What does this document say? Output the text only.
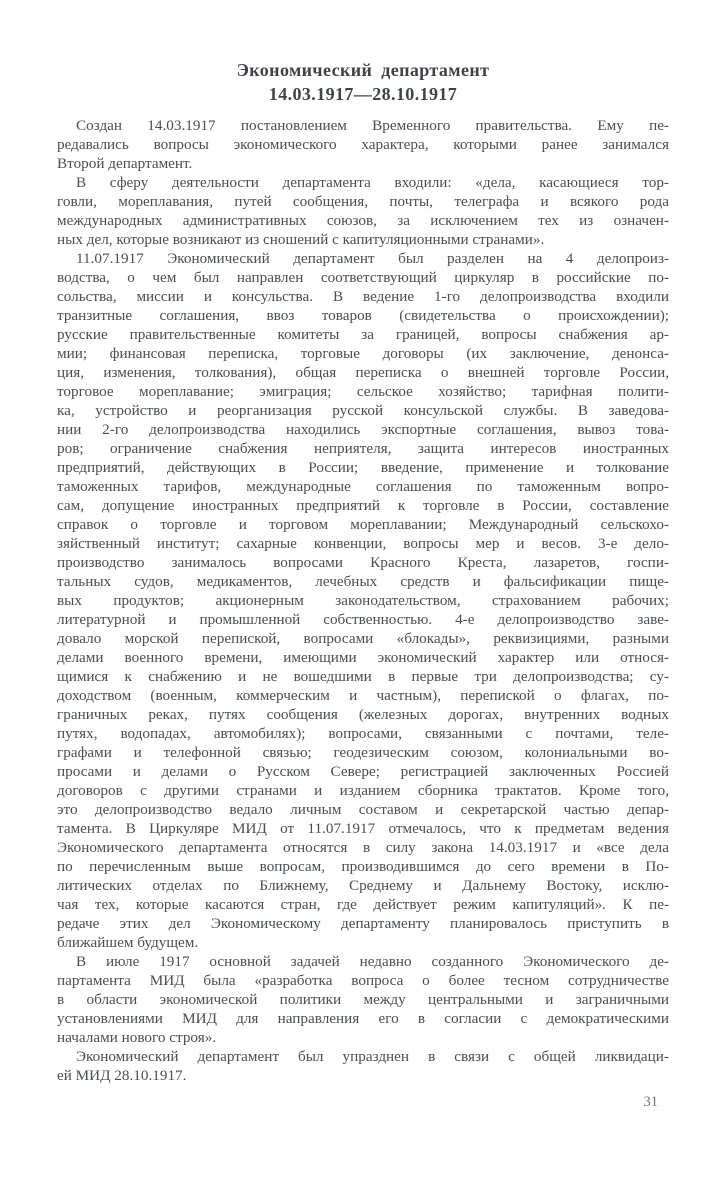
Экономический департамент
14.03.1917—28.10.1917
Создан 14.03.1917 постановлением Временного правительства. Ему пе-
редавались вопросы экономического характера, которыми ранее занимался
Второй департамент.
В сферу деятельности департамента входили: «дела, касающиеся тор-
говли, мореплавания, путей сообщения, почты, телеграфа и всякого рода
международных административных союзов, за исключением тех из означен-
ных дел, которые возникают из сношений с капитуляционными странами».
11.07.1917 Экономический департамент был разделен на 4 делопроиз-
водства, о чем был направлен соответствующий циркуляр в российские по-
сольства, миссии и консульства. В ведение 1-го делопроизводства входили
транзитные соглашения, ввоз товаров (свидетельства о происхождении);
русские правительственные комитеты за границей, вопросы снабжения ар-
мии; финансовая переписка, торговые договоры (их заключение, денонса-
ция, изменения, толкования), общая переписка о внешней торговле России,
торговое мореплавание; эмиграция; сельское хозяйство; тарифная полити-
ка, устройство и реорганизация русской консульской службы. В заведова-
нии 2-го делопроизводства находились экспортные соглашения, вывоз това-
ров; ограничение снабжения неприятеля, защита интересов иностранных
предприятий, действующих в России; введение, применение и толкование
таможенных тарифов, международные соглашения по таможенным вопро-
сам, допущение иностранных предприятий к торговле в России, составление
справок о торговле и торговом мореплавании; Международный сельскохо-
зяйственный институт; сахарные конвенции, вопросы мер и весов. 3-е дело-
производство занималось вопросами Красного Креста, лазаретов, госпи-
тальных судов, медикаментов, лечебных средств и фальсификации пище-
вых продуктов; акционерным законодательством, страхованием рабочих;
литературной и промышленной собственностью. 4-е делопроизводство заве-
довало морской перепиской, вопросами «блокады», реквизициями, разными
делами военного времени, имеющими экономический характер или относя-
щимися к снабжению и не вошедшими в первые три делопроизводства; су-
доходством (военным, коммерческим и частным), перепиской о флагах, по-
граничных реках, путях сообщения (железных дорогах, внутренних водных
путях, водопадах, автомобилях); вопросами, связанными с почтами, теле-
графами и телефонной связью; геодезическим союзом, колониальными во-
просами и делами о Русском Севере; регистрацией заключенных Россией
договоров с другими странами и изданием сборника трактатов. Кроме того,
это делопроизводство ведало личным составом и секретарской частью депар-
тамента. В Циркуляре МИД от 11.07.1917 отмечалось, что к предметам ведения
Экономического департамента относятся в силу закона 14.03.1917 и «все дела
по перечисленным выше вопросам, производившимся до сего времени в По-
литических отделах по Ближнему, Среднему и Дальнему Востоку, исклю-
чая тех, которые касаются стран, где действует режим капитуляций». К пе-
редаче этих дел Экономическому департаменту планировалось приступить в
ближайшем будущем.
В июле 1917 основной задачей недавно созданного Экономического де-
партамента МИД была «разработка вопроса о более тесном сотрудничестве
в области экономической политики между центральными и заграничными
установлениями МИД для направления его в согласии с демократическими
началами нового строя».
Экономический департамент был упразднен в связи с общей ликвидаци-
ей МИД 28.10.1917.
31
